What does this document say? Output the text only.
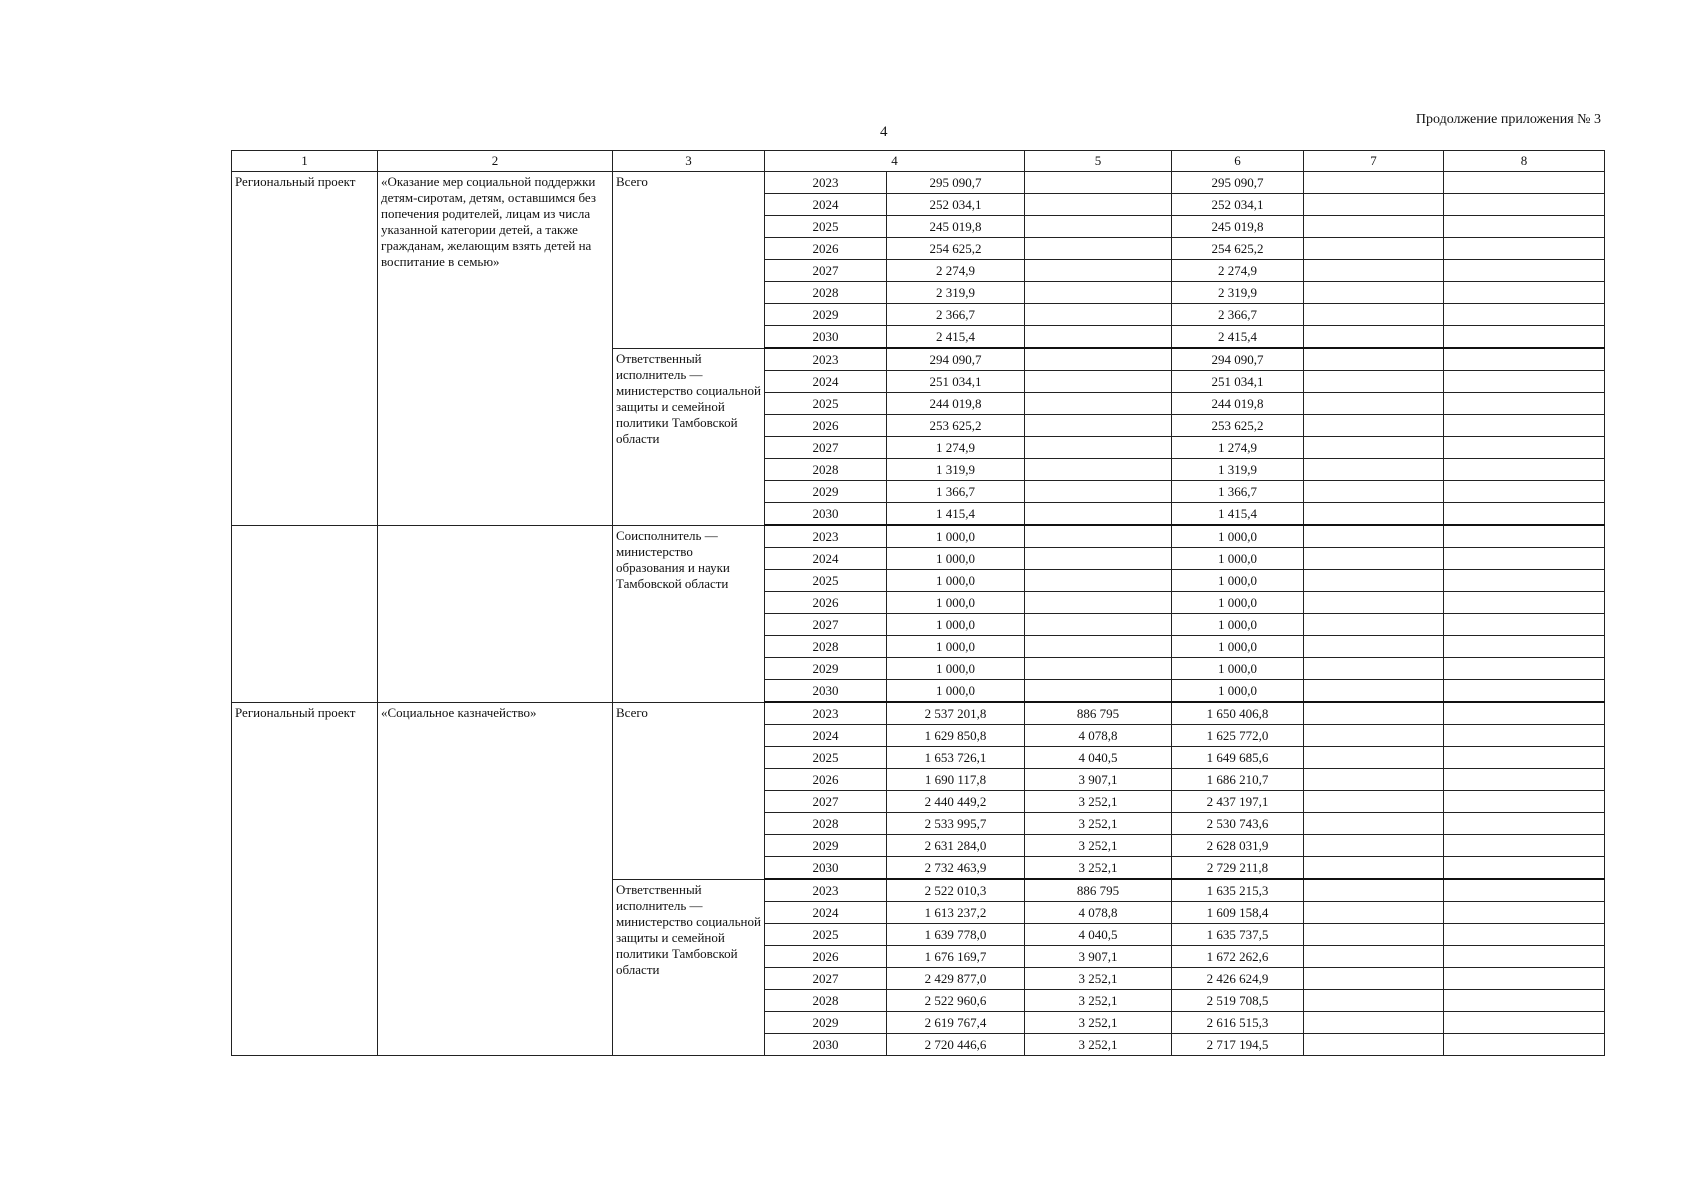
4
Продолжение приложения № 3
1	2	3	4		5	6	7	8
Региональный проект	«Оказание мер социальной поддержки детям-сиротам, детям, оставшимся без попечения родителей, лицам из числа указанной категории детей, а также гражданам, желающим взять детей на воспитание в семью»	Всего	2023	295 090,7		295 090,7		
			2024	252 034,1		252 034,1		
			2025	245 019,8		245 019,8		
			2026	254 625,2		254 625,2		
			2027	2 274,9		2 274,9		
			2028	2 319,9		2 319,9		
			2029	2 366,7		2 366,7		
			2030	2 415,4		2 415,4		
		Ответственный исполнитель — министерство социальной защиты и семейной политики Тамбовской области	2023	294 090,7		294 090,7		
			2024	251 034,1		251 034,1		
			2025	244 019,8		244 019,8		
			2026	253 625,2		253 625,2		
			2027	1 274,9		1 274,9		
			2028	1 319,9		1 319,9		
			2029	1 366,7		1 366,7		
			2030	1 415,4		1 415,4		
		Соисполнитель — министерство образования и науки Тамбовской области	2023	1 000,0		1 000,0		
			2024	1 000,0		1 000,0		
			2025	1 000,0		1 000,0		
			2026	1 000,0		1 000,0		
			2027	1 000,0		1 000,0		
			2028	1 000,0		1 000,0		
			2029	1 000,0		1 000,0		
			2030	1 000,0		1 000,0		
Региональный проект	«Социальное казначейство»	Всего	2023	2 537 201,8	886 795	1 650 406,8		
			2024	1 629 850,8	4 078,8	1 625 772,0		
			2025	1 653 726,1	4 040,5	1 649 685,6		
			2026	1 690 117,8	3 907,1	1 686 210,7		
			2027	2 440 449,2	3 252,1	2 437 197,1		
			2028	2 533 995,7	3 252,1	2 530 743,6		
			2029	2 631 284,0	3 252,1	2 628 031,9		
			2030	2 732 463,9	3 252,1	2 729 211,8		
		Ответственный исполнитель — министерство социальной защиты и семейной политики Тамбовской области	2023	2 522 010,3	886 795	1 635 215,3		
			2024	1 613 237,2	4 078,8	1 609 158,4		
			2025	1 639 778,0	4 040,5	1 635 737,5		
			2026	1 676 169,7	3 907,1	1 672 262,6		
			2027	2 429 877,0	3 252,1	2 426 624,9		
			2028	2 522 960,6	3 252,1	2 519 708,5		
			2029	2 619 767,4	3 252,1	2 616 515,3		
			2030	2 720 446,6	3 252,1	2 717 194,5		
